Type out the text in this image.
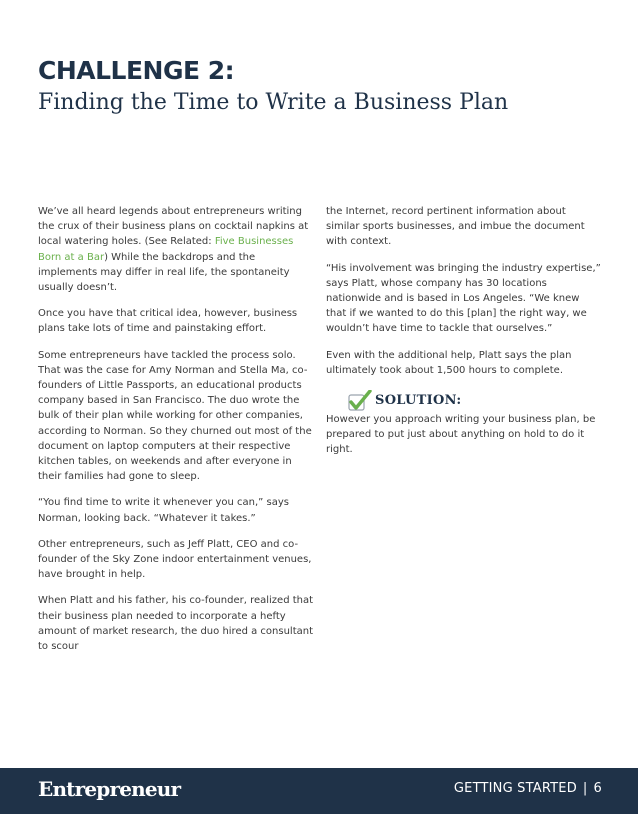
CHALLENGE 2:
Finding the Time to Write a Business Plan

We’ve all heard legends about entrepreneurs writing the crux of their business plans on cocktail napkins at local watering holes. (See Related: Five Businesses Born at a Bar) While the backdrops and the implements may differ in real life, the spontaneity usually doesn’t.

Once you have that critical idea, however, business plans take lots of time and painstaking effort.

Some entrepreneurs have tackled the process solo. That was the case for Amy Norman and Stella Ma, co-founders of Little Passports, an educational products company based in San Francisco. The duo wrote the bulk of their plan while working for other companies, according to Norman. So they churned out most of the document on laptop computers at their respective kitchen tables, on weekends and after everyone in their families had gone to sleep.

“You find time to write it whenever you can,” says Norman, looking back. “Whatever it takes.”

Other entrepreneurs, such as Jeff Platt, CEO and co-founder of the Sky Zone indoor entertainment venues, have brought in help.

When Platt and his father, his co-founder, realized that their business plan needed to incorporate a hefty amount of market research, the duo hired a consultant to scour

the Internet, record pertinent information about similar sports businesses, and imbue the document with context.

“His involvement was bringing the industry expertise,” says Platt, whose company has 30 locations nationwide and is based in Los Angeles. “We knew that if we wanted to do this [plan] the right way, we wouldn’t have time to tackle that ourselves.”

Even with the additional help, Platt says the plan ultimately took about 1,500 hours to complete.

SOLUTION:

However you approach writing your business plan, be prepared to put just about anything on hold to do it right.

Entrepreneur	GETTING STARTED | 6
